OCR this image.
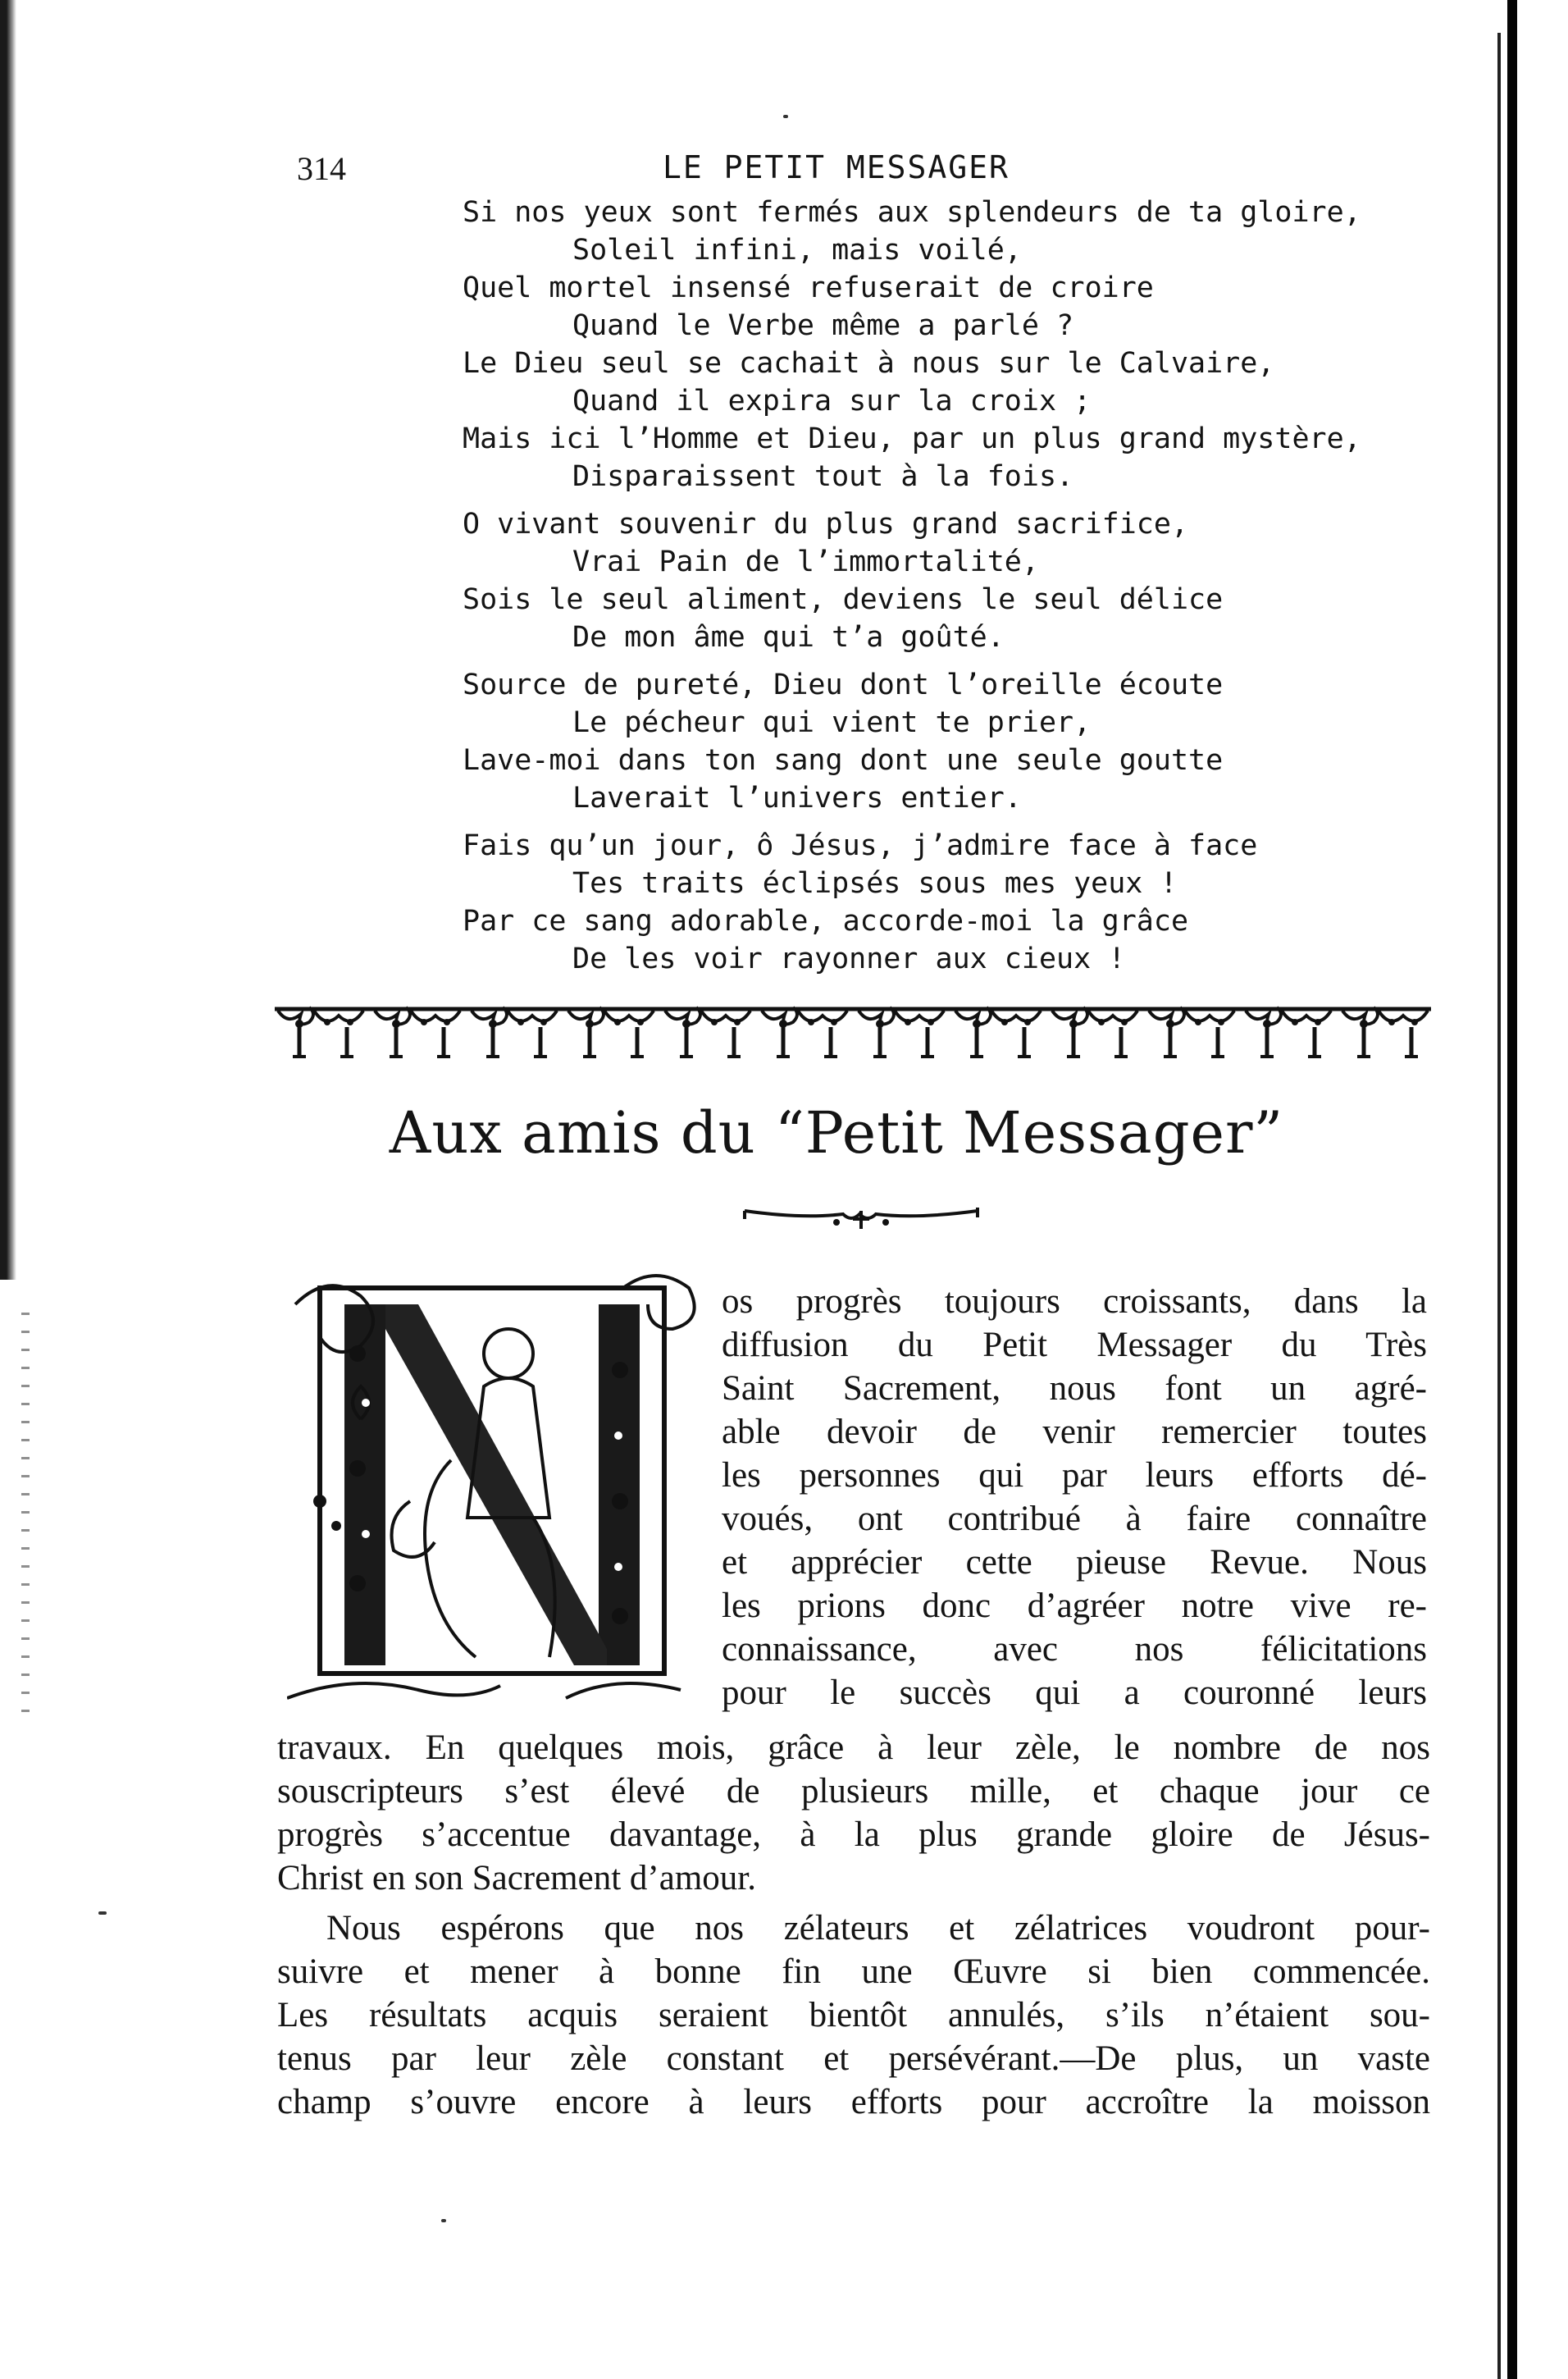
314	LE PETIT MESSAGER
Si nos yeux sont fermés aux splendeurs de ta gloire,
Soleil infini, mais voilé,
Quel mortel insensé refuserait de croire
Quand le Verbe même a parlé ?
Le Dieu seul se cachait à nous sur le Calvaire,
Quand il expira sur la croix ;
Mais ici l’Homme et Dieu, par un plus grand mystère,
Disparaissent tout à la fois.
O vivant souvenir du plus grand sacrifice,
Vrai Pain de l’immortalité,
Sois le seul aliment, deviens le seul délice
De mon âme qui t’a goûté.
Source de pureté, Dieu dont l’oreille écoute
Le pécheur qui vient te prier,
Lave-moi dans ton sang dont une seule goutte
Laverait l’univers entier.
Fais qu’un jour, ô Jésus, j’admire face à face
Tes traits éclipsés sous mes yeux !
Par ce sang adorable, accorde-moi la grâce
De les voir rayonner aux cieux !
Aux amis du “Petit Messager”
os progrès toujours croissants, dans la
diffusion du Petit Messager du Très
Saint Sacrement, nous font un agré-
able devoir de venir remercier toutes
les personnes qui par leurs efforts dé-
voués, ont contribué à faire connaître
et apprécier cette pieuse Revue. Nous
les prions donc d’agréer notre vive re-
connaissance, avec nos félicitations
pour le succès qui a couronné leurs
travaux. En quelques mois, grâce à leur zèle, le nombre de nos
souscripteurs s’est élevé de plusieurs mille, et chaque jour ce
progrès s’accentue davantage, à la plus grande gloire de Jésus-
Christ en son Sacrement d’amour.
Nous espérons que nos zélateurs et zélatrices voudront pour-
suivre et mener à bonne fin une Œuvre si bien commencée.
Les résultats acquis seraient bientôt annulés, s’ils n’étaient sou-
tenus par leur zèle constant et persévérant.—De plus, un vaste
champ s’ouvre encore à leurs efforts pour accroître la moisson
